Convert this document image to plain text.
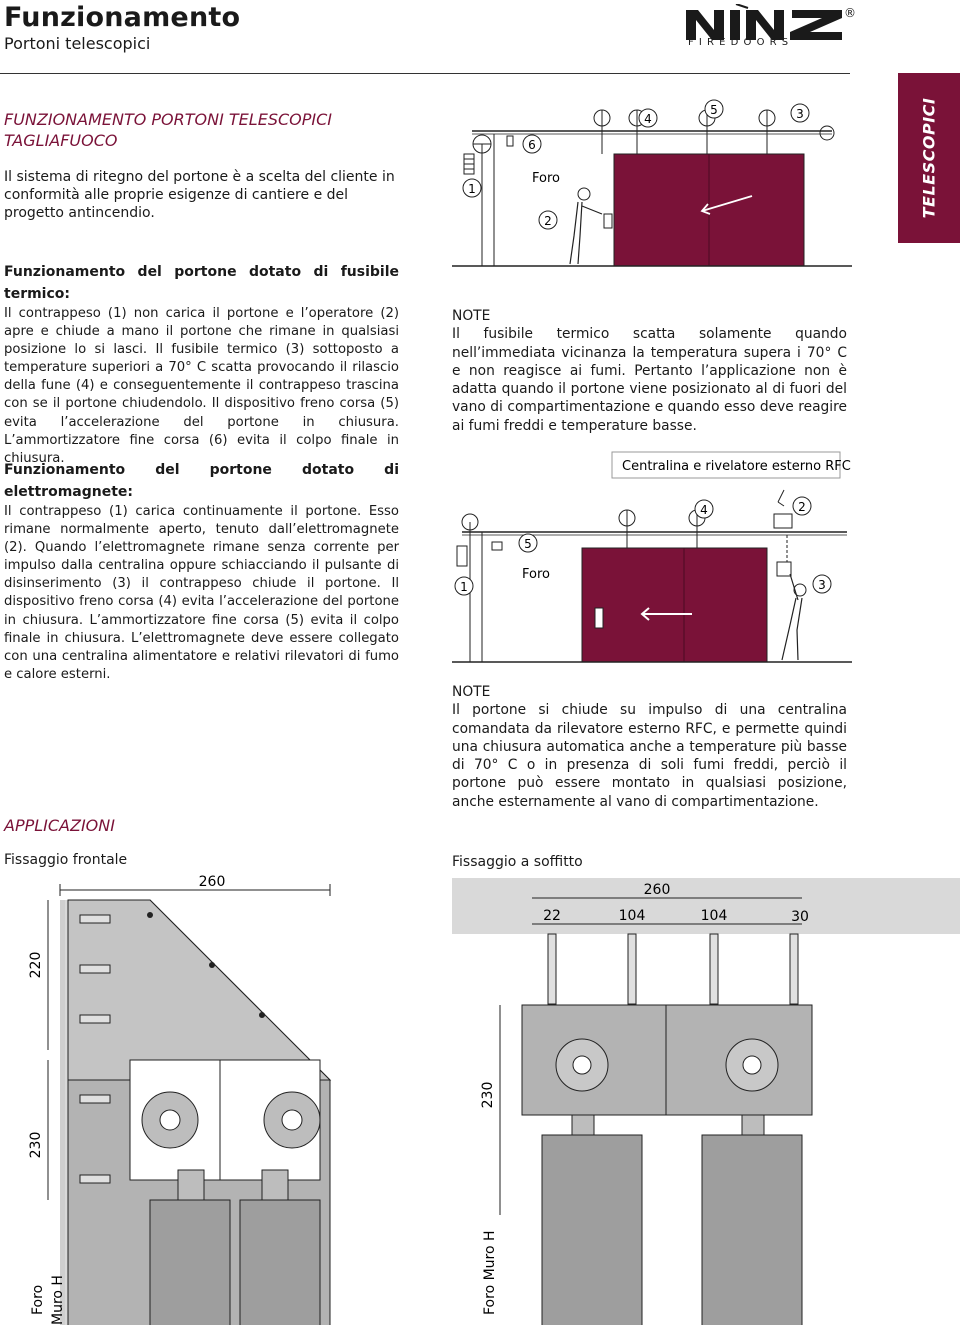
Funzionamento
Portoni telescopici	F I R E D O O R S
®
TELESCOPICI
FUNZIONAMENTO PORTONI TELESCOPICI
TAGLIAFUOCO
Il sistema di ritegno del portone è a scelta del cliente in conformità alle proprie esigenze di cantiere e del progetto antincendio.
1
2
3
4
5
6
Foro
Funzionamento del portone dotato di fusibile termico:
Il contrappeso (1) non carica il portone e l’operatore (2) apre e chiude a mano il portone che rimane in qualsiasi posizione lo si lasci. Il fusibile termico (3) sottoposto a temperature superiori a 70° C scatta provocando il rilascio della fune (4) e conseguentemente il contrappeso trascina con se il portone chiudendolo. Il dispositivo freno corsa (5) evita l’accelerazione del portone in chiusura. L’ammortizzatore fine corsa (6) evita il colpo finale in chiusura.
NOTE
Il fusibile termico scatta solamente quando nell’immediata vicinanza la temperatura supera i 70° C e non reagisce ai fumi. Pertanto l’applicazione non è adatta quando il portone viene posizionato al di fuori del vano di compartimentazione e quando esso deve reagire ai fumi freddi e temperature basse.
Funzionamento del portone dotato di elettromagnete:
Il contrappeso (1) carica continuamente il portone. Esso rimane normalmente aperto, tenuto dall’elettromagnete (2). Quando l’elettromagnete rimane senza corrente per impulso dalla centralina oppure schiacciando il pulsante di disinserimento (3) il contrappeso chiude il portone. Il dispositivo freno corsa (4) evita l’accelerazione del portone in chiusura. L’ammortizzatore fine corsa (5) evita il colpo finale in chiusura. L’elettromagnete deve essere collegato con una centralina alimentatore e relativi rilevatori di fumo e calore esterni.
Centralina e rivelatore esterno RFC
1
2
3
4
5
Foro
NOTE
Il portone si chiude su impulso di una centralina comandata da rilevatore esterno RFC, e permette quindi una chiusura automatica anche a temperature più basse di 70° C o in presenza di soli fumi freddi, perciò il portone può essere montato in qualsiasi posizione, anche esternamente al vano di compartimentazione.
APPLICAZIONI
Fissaggio frontale	Fissaggio a soffitto
260
220
230
Foro Muro H
260
22	104	104	30
230
Foro Muro H
